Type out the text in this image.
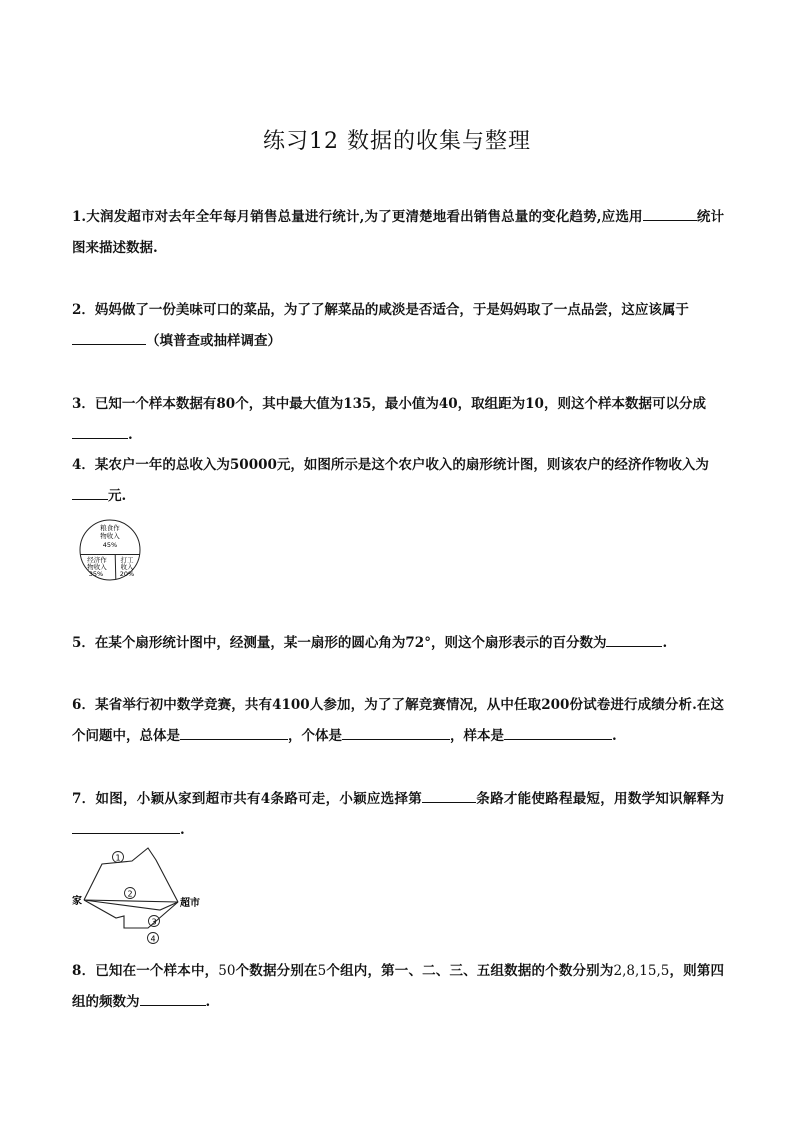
练习12 数据的收集与整理
1.大润发超市对去年全年每月销售总量进行统计,为了更清楚地看出销售总量的变化趋势,应选用	统计图来描述数据.
2．妈妈做了一份美味可口的菜品，为了了解菜品的咸淡是否适合，于是妈妈取了一点品尝，这应该属于
（填普查或抽样调查）
3．已知一个样本数据有80个，其中最大值为135，最小值为40，取组距为10，则这个样本数据可以分成
.
4．某农户一年的总收入为50000元，如图所示是这个农户收入的扇形统计图，则该农户的经济作物收入为
元.
粮食作
物收入
45%
经济作
物收入
35%
打工
收入
20%
5．在某个扇形统计图中，经测量，某一扇形的圆心角为72°，则这个扇形表示的百分数为	.
6．某省举行初中数学竞赛，共有4100人参加，为了了解竞赛情况，从中任取200份试卷进行成绩分析.在这个问题中，总体是	，个体是	，样本是	.
7．如图，小颖从家到超市共有4条路可走，小颖应选择第	条路才能使路程最短，用数学知识解释为.
家	超市
1
2
3
4
8．已知在一个样本中，50个数据分别在5个组内，第一、二、三、五组数据的个数分别为2,8,15,5，则第四组的频数为	.
